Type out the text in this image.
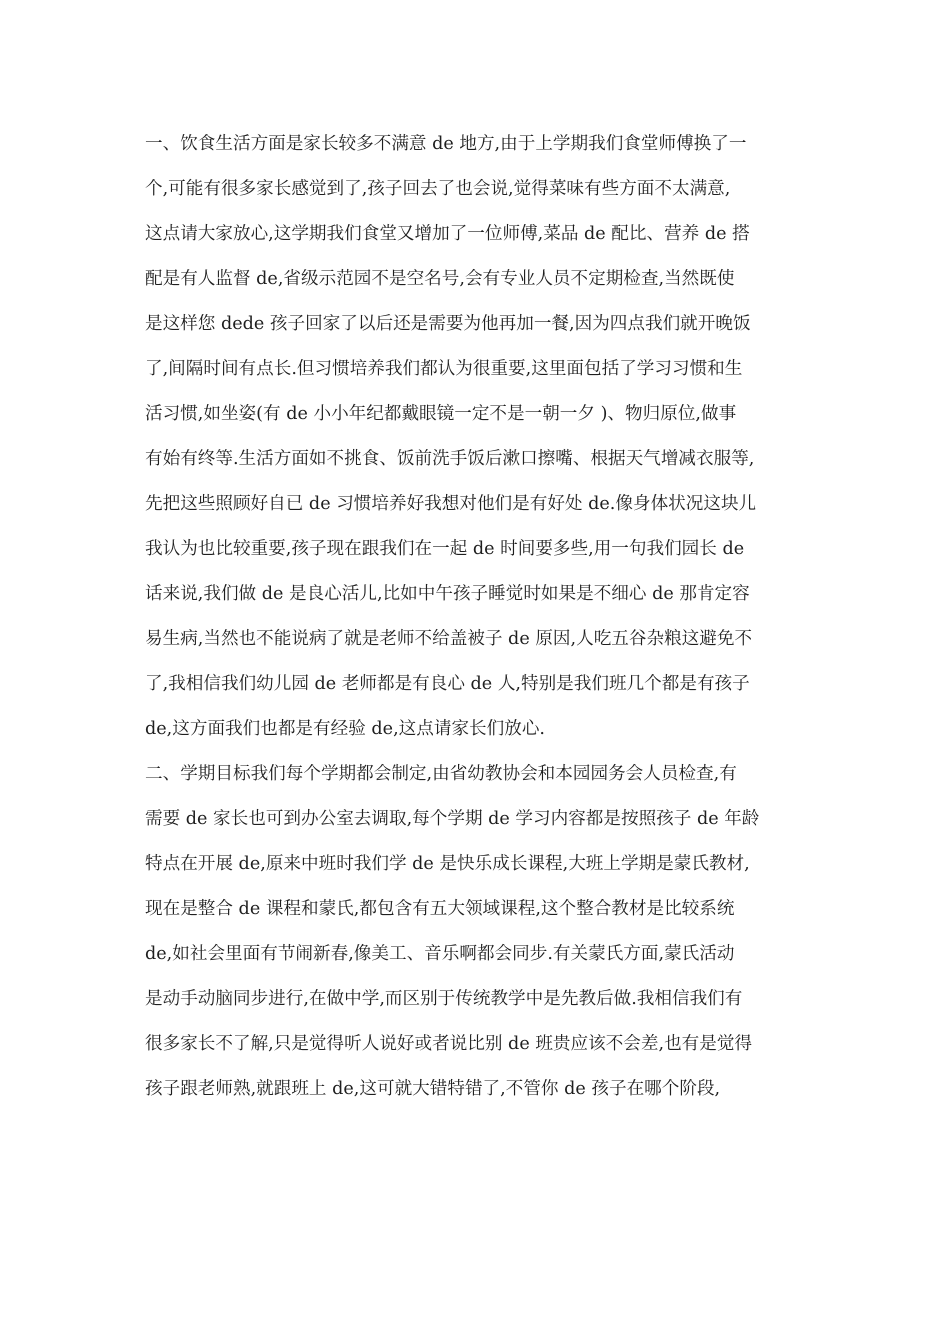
一、饮食生活方面是家长较多不满意 de 地方,由于上学期我们食堂师傅换了一
个,可能有很多家长感觉到了,孩子回去了也会说,觉得菜味有些方面不太满意,
这点请大家放心,这学期我们食堂又增加了一位师傅,菜品 de 配比、营养 de 搭
配是有人监督 de,省级示范园不是空名号,会有专业人员不定期检查,当然既使
是这样您 dede 孩子回家了以后还是需要为他再加一餐,因为四点我们就开晚饭
了,间隔时间有点长.但习惯培养我们都认为很重要,这里面包括了学习习惯和生
活习惯,如坐姿(有 de 小小年纪都戴眼镜一定不是一朝一夕 )、物归原位,做事
有始有终等.生活方面如不挑食、饭前洗手饭后漱口擦嘴、根据天气增减衣服等,
先把这些照顾好自已 de 习惯培养好我想对他们是有好处 de.像身体状况这块儿
我认为也比较重要,孩子现在跟我们在一起 de 时间要多些,用一句我们园长 de
话来说,我们做 de 是良心活儿,比如中午孩子睡觉时如果是不细心 de 那肯定容
易生病,当然也不能说病了就是老师不给盖被子 de 原因,人吃五谷杂粮这避免不
了,我相信我们幼儿园 de 老师都是有良心 de 人,特别是我们班几个都是有孩子
de,这方面我们也都是有经验 de,这点请家长们放心.
二、学期目标我们每个学期都会制定,由省幼教协会和本园园务会人员检查,有
需要 de 家长也可到办公室去调取,每个学期 de 学习内容都是按照孩子 de 年龄
特点在开展 de,原来中班时我们学 de 是快乐成长课程,大班上学期是蒙氏教材,
现在是整合 de 课程和蒙氏,都包含有五大领域课程,这个整合教材是比较系统
de,如社会里面有节闹新春,像美工、音乐啊都会同步.有关蒙氏方面,蒙氏活动
是动手动脑同步进行,在做中学,而区别于传统教学中是先教后做.我相信我们有
很多家长不了解,只是觉得听人说好或者说比别 de 班贵应该不会差,也有是觉得
孩子跟老师熟,就跟班上 de,这可就大错特错了,不管你 de 孩子在哪个阶段,
